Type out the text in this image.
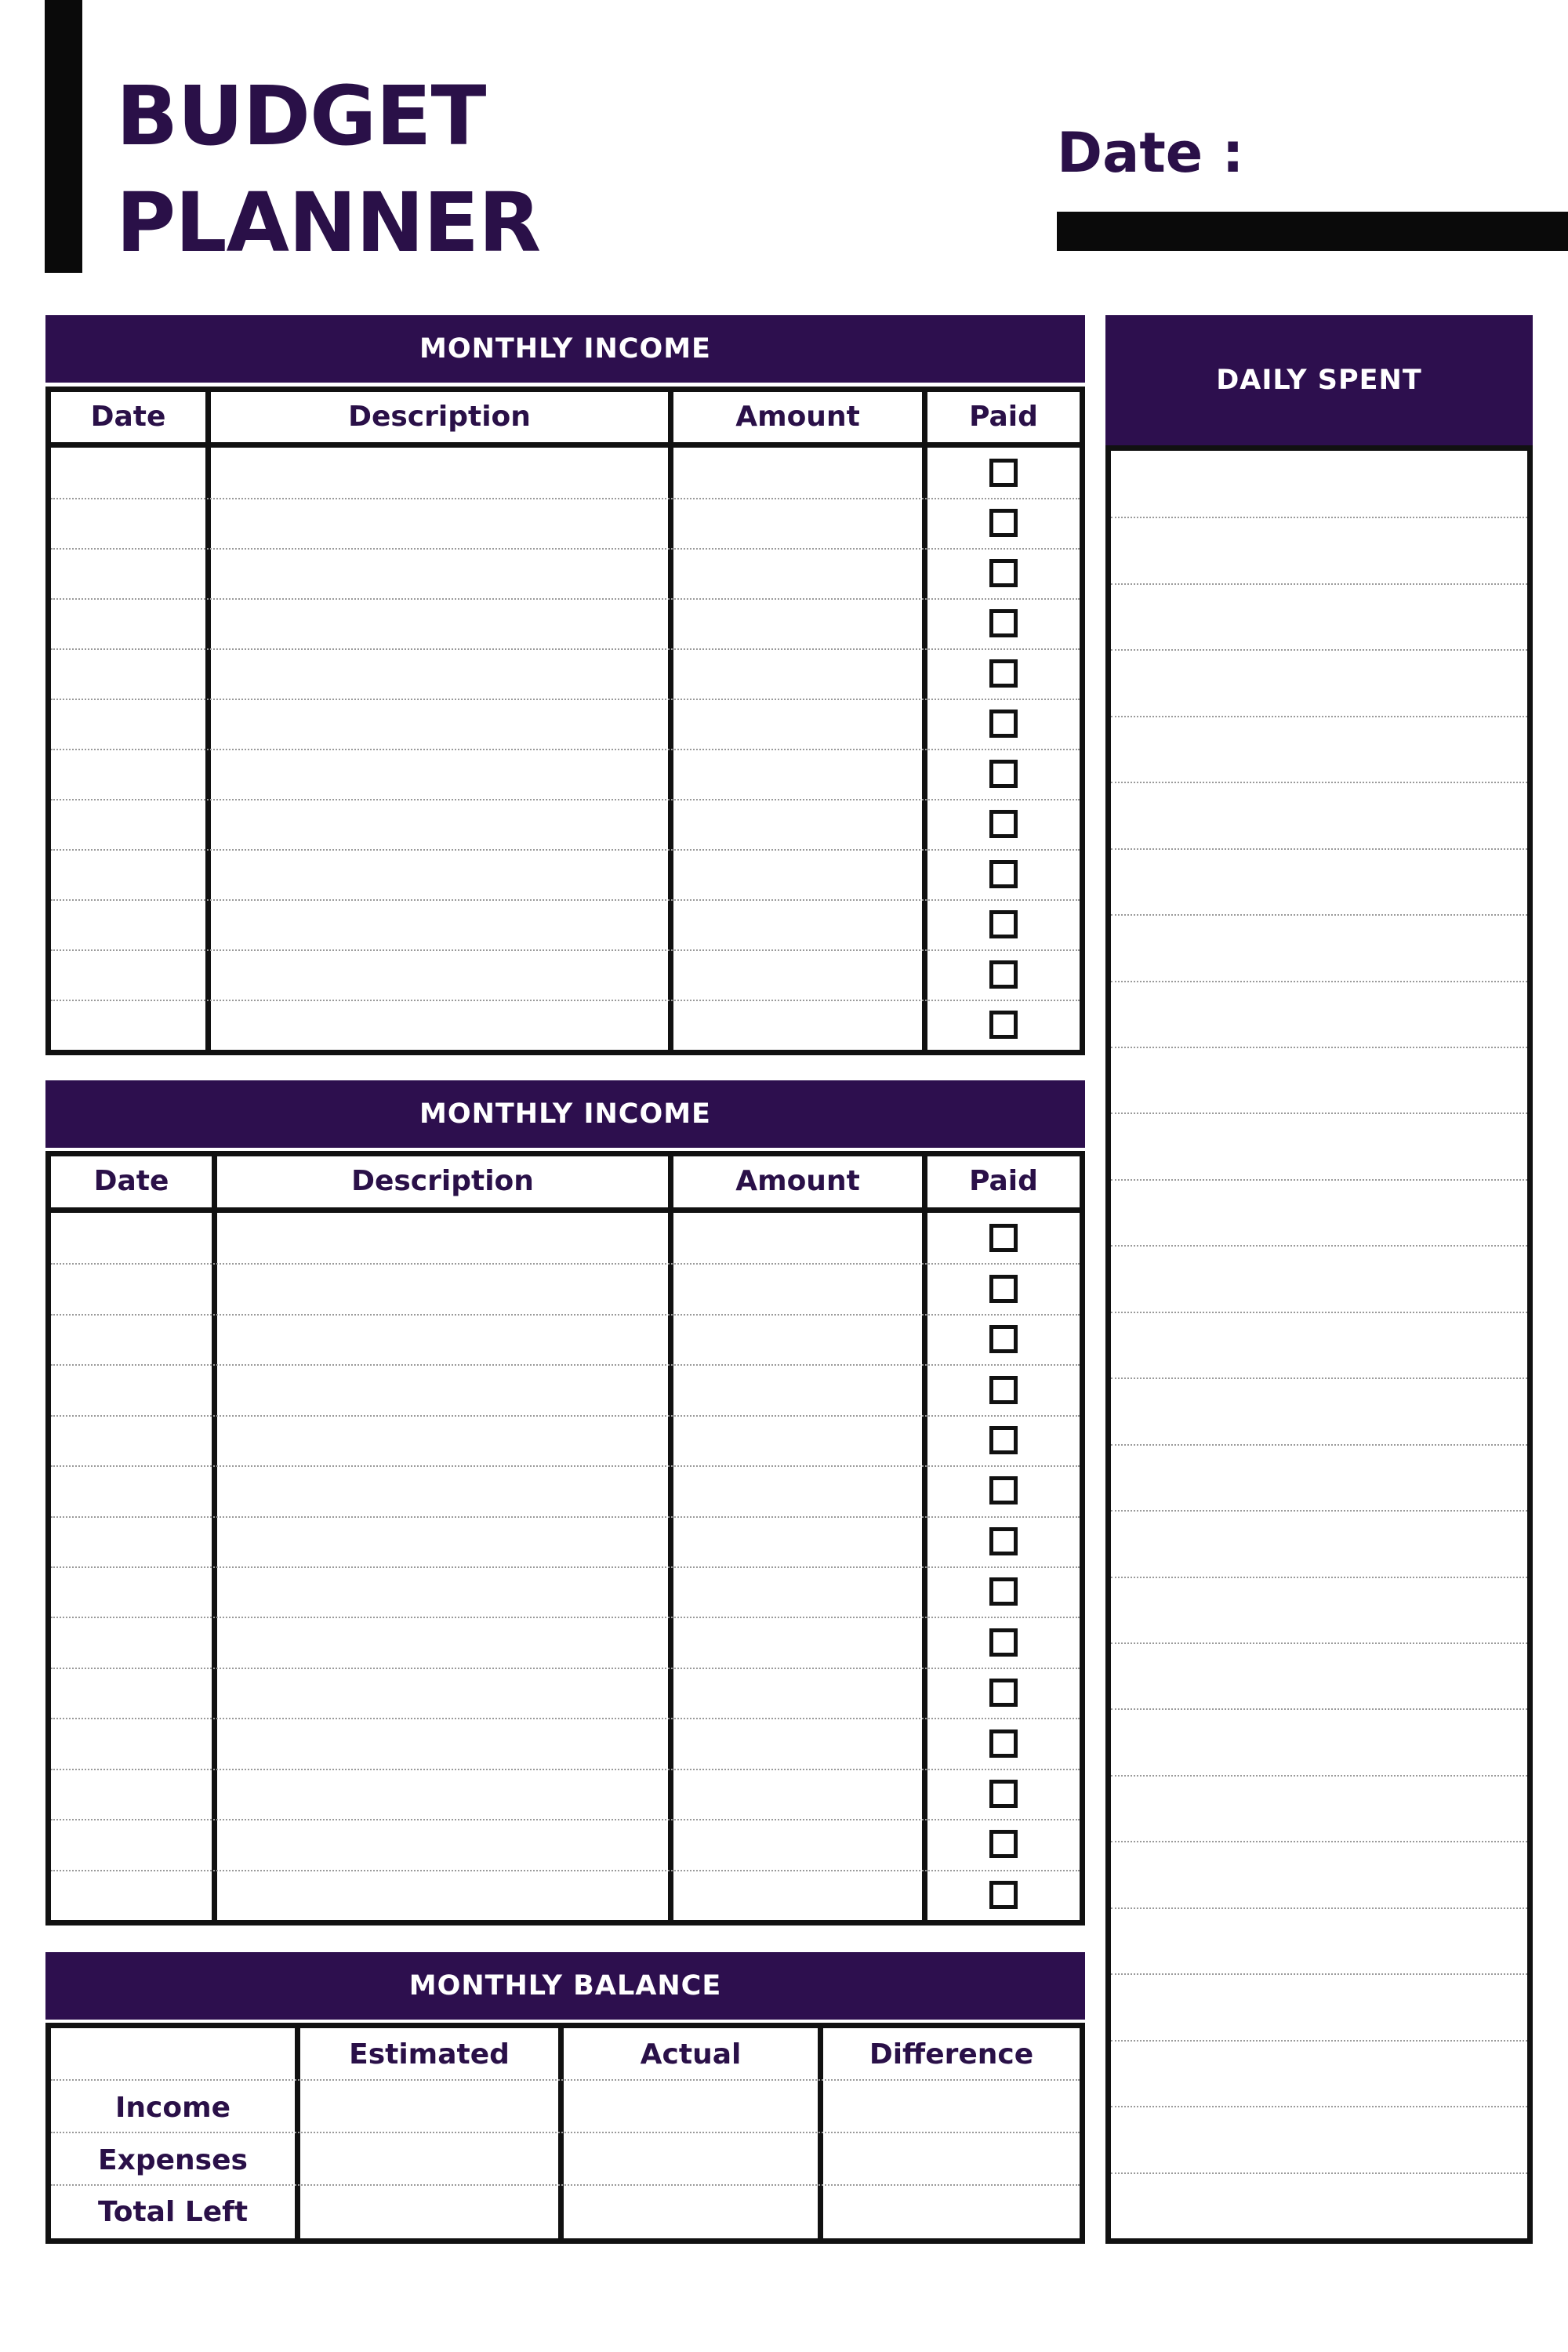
BUDGET
PLANNER
Date :
MONTHLY INCOME
Date	Description	Amount	Paid
MONTHLY INCOME
Date	Description	Amount	Paid
MONTHLY BALANCE
Estimated	Actual	Difference
Income
Expenses
Total Left
DAILY SPENT
